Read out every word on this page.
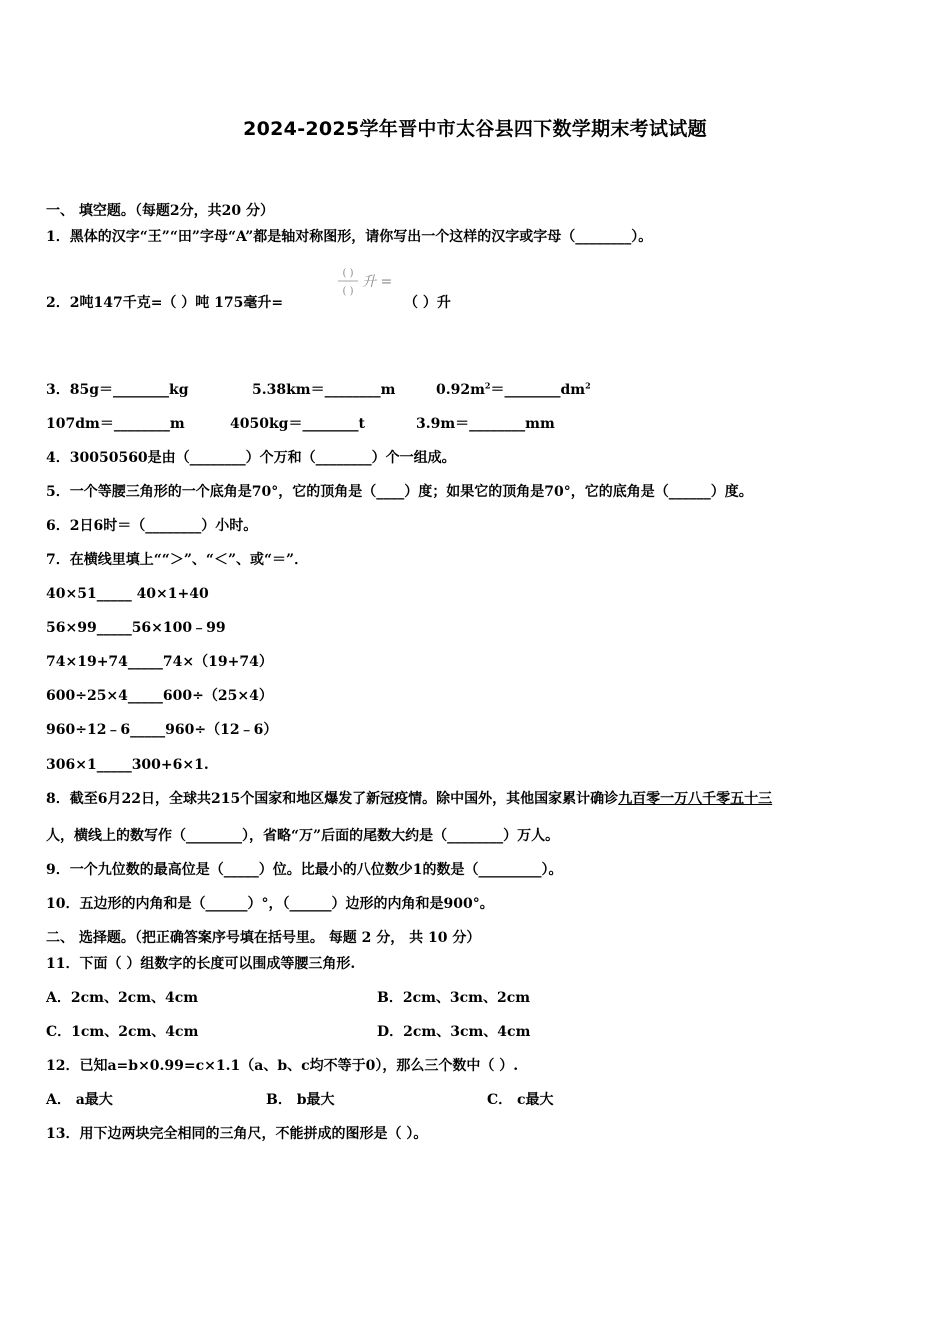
2024-2025学年晋中市太谷县四下数学期末考试试题
一、 填空题。（每题2分，共20 分）
1．黑体的汉字“王”“田”字母“A”都是轴对称图形，请你写出一个这样的汉字或字母（________）。
2．2吨147千克=（ ）吨 175毫升=
( )
( )
升 =
（ ）升
3．85g＝________kg	5.38km＝________m	$0.92m^2=\_\_\_\_\_\_\_\_dm^2$
107dm＝________m	4050kg＝________t	3.9m＝________mm
4．30050560是由（________）个万和（________）个一组成。
5．一个等腰三角形的一个底角是70°，它的顶角是（____）度；如果它的顶角是70°，它的底角是（______）度。
6．2日6时＝（________）小时。
7．在横线里填上““＞”、“＜”、或“＝”．
40×51_____ 40×1+40
56×99_____56×100﹣99
74×19+74_____74×（19+74）
600÷25×4_____600÷（25×4）
960÷12﹣6_____960÷（12﹣6）
306×1_____300+6×1.
8．截至6月22日，全球共215个国家和地区爆发了新冠疫情。除中国外，其他国家累计确诊九百零一万八千零五十三
人，横线上的数写作（________），省略“万”后面的尾数大约是（________）万人。
9．一个九位数的最高位是（_____）位。比最小的八位数少1的数是（_________）。
10．五边形的内角和是（______）°，（______）边形的内角和是900°。
二、 选择题。（把正确答案序号填在括号里。 每题 2 分， 共 10 分）
11．下面（ ）组数字的长度可以围成等腰三角形.
A．2cm、2cm、4cm	B．2cm、3cm、2cm
C．1cm、2cm、4cm	D．2cm、3cm、4cm
12．已知a=b×0.99=c×1.1（a、b、c均不等于0），那么三个数中（ ）.
A． a最大	B． b最大	C． c最大
13．用下边两块完全相同的三角尺，不能拼成的图形是（ ）。
